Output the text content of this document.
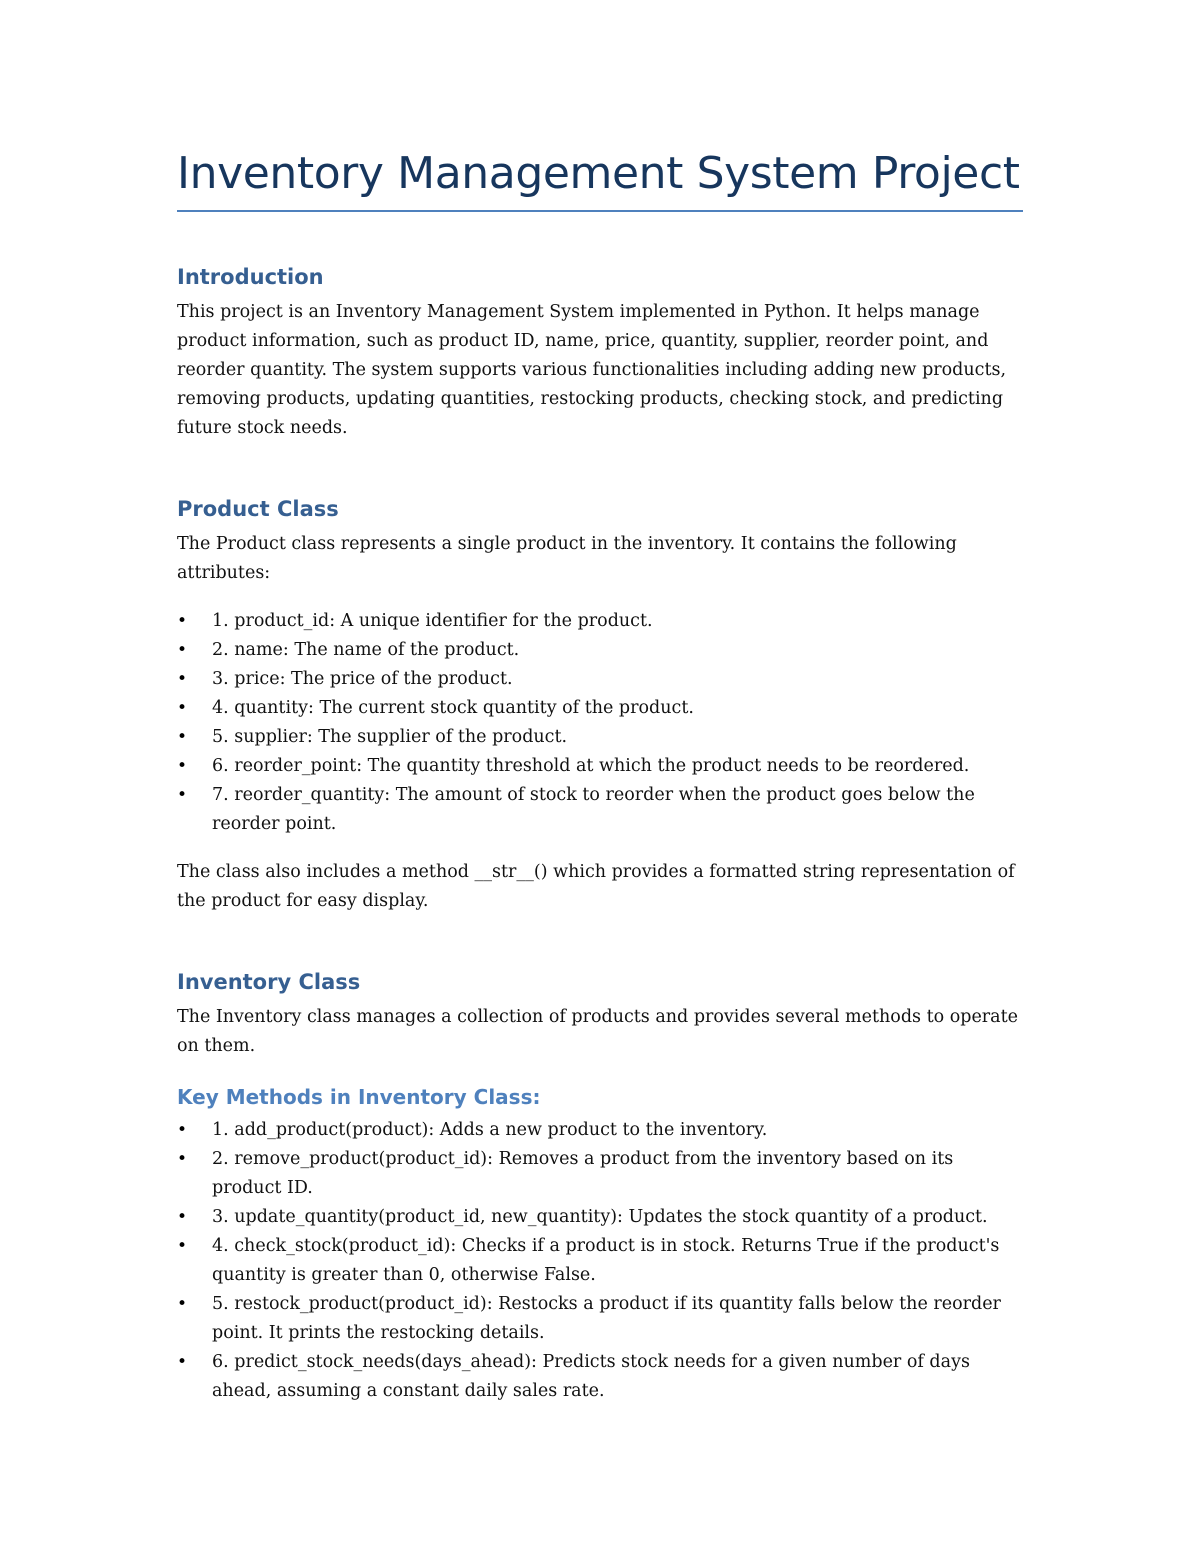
Inventory Management System Project
Introduction

This project is an Inventory Management System implemented in Python. It helps manage product information, such as product ID, name, price, quantity, supplier, reorder point, and reorder quantity. The system supports various functionalities including adding new products, removing products, updating quantities, restocking products, checking stock, and predicting future stock needs.

Product Class

The Product class represents a single product in the inventory. It contains the following attributes:

• 1. product_id: A unique identifier for the product.
• 2. name: The name of the product.
• 3. price: The price of the product.
• 4. quantity: The current stock quantity of the product.
• 5. supplier: The supplier of the product.
• 6. reorder_point: The quantity threshold at which the product needs to be reordered.
• 7. reorder_quantity: The amount of stock to reorder when the product goes below the reorder point.

The class also includes a method __str__() which provides a formatted string representation of the product for easy display.

Inventory Class

The Inventory class manages a collection of products and provides several methods to operate on them.

Key Methods in Inventory Class:
• 1. add_product(product): Adds a new product to the inventory.
• 2. remove_product(product_id): Removes a product from the inventory based on its product ID.
• 3. update_quantity(product_id, new_quantity): Updates the stock quantity of a product.
• 4. check_stock(product_id): Checks if a product is in stock. Returns True if the product's quantity is greater than 0, otherwise False.
• 5. restock_product(product_id): Restocks a product if its quantity falls below the reorder point. It prints the restocking details.
• 6. predict_stock_needs(days_ahead): Predicts stock needs for a given number of days ahead, assuming a constant daily sales rate.
